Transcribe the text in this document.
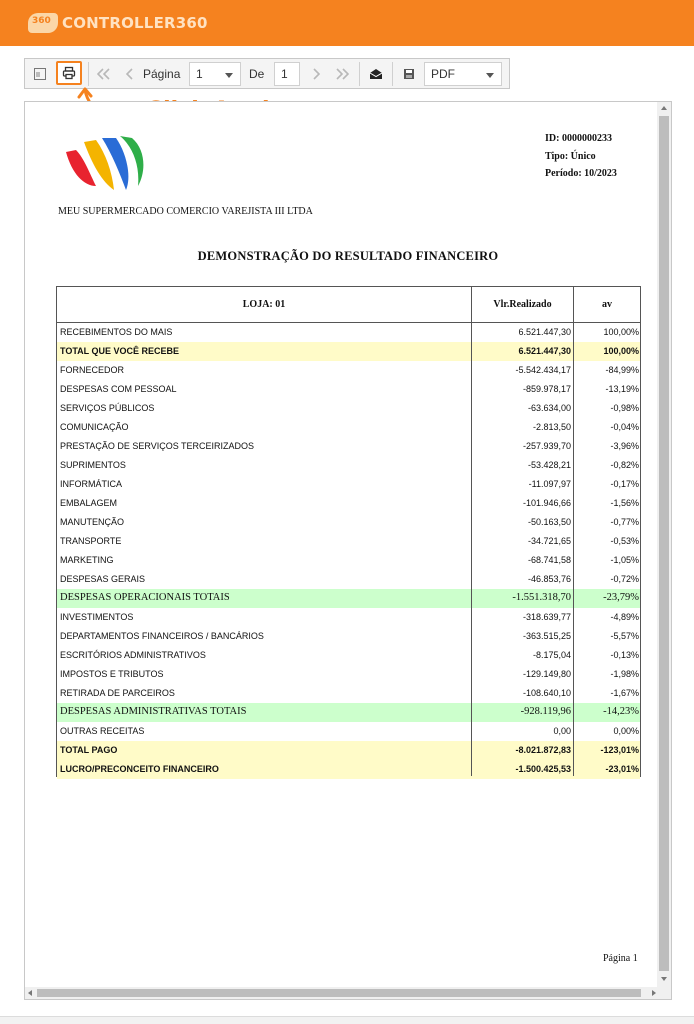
360 CONTROLLER360
Página 1	De 1	PDF
ID: 0000000233
Tipo: Único
Período: 10/2023
MEU SUPERMERCADO COMERCIO VAREJISTA III LTDA
DEMONSTRAÇÃO DO RESULTADO FINANCEIRO
LOJA: 01	Vlr.Realizado	av
RECEBIMENTOS DO MAIS	6.521.447,30	100,00%
TOTAL QUE VOCÊ RECEBE	6.521.447,30	100,00%
FORNECEDOR	-5.542.434,17	-84,99%
DESPESAS COM PESSOAL	-859.978,17	-13,19%
SERVIÇOS PÚBLICOS	-63.634,00	-0,98%
COMUNICAÇÃO	-2.813,50	-0,04%
PRESTAÇÃO DE SERVIÇOS TERCEIRIZADOS	-257.939,70	-3,96%
SUPRIMENTOS	-53.428,21	-0,82%
INFORMÁTICA	-11.097,97	-0,17%
EMBALAGEM	-101.946,66	-1,56%
MANUTENÇÃO	-50.163,50	-0,77%
TRANSPORTE	-34.721,65	-0,53%
MARKETING	-68.741,58	-1,05%
DESPESAS GERAIS	-46.853,76	-0,72%
DESPESAS OPERACIONAIS TOTAIS	-1.551.318,70	-23,79%
INVESTIMENTOS	-318.639,77	-4,89%
DEPARTAMENTOS FINANCEIROS / BANCÁRIOS	-363.515,25	-5,57%
ESCRITÓRIOS ADMINISTRATIVOS	-8.175,04	-0,13%
IMPOSTOS E TRIBUTOS	-129.149,80	-1,98%
RETIRADA DE PARCEIROS	-108.640,10	-1,67%
DESPESAS ADMINISTRATIVAS TOTAIS	-928.119,96	-14,23%
OUTRAS RECEITAS	0,00	0,00%
TOTAL PAGO	-8.021.872,83	-123,01%
LUCRO/PRECONCEITO FINANCEIRO	-1.500.425,53	-23,01%
Página 1
